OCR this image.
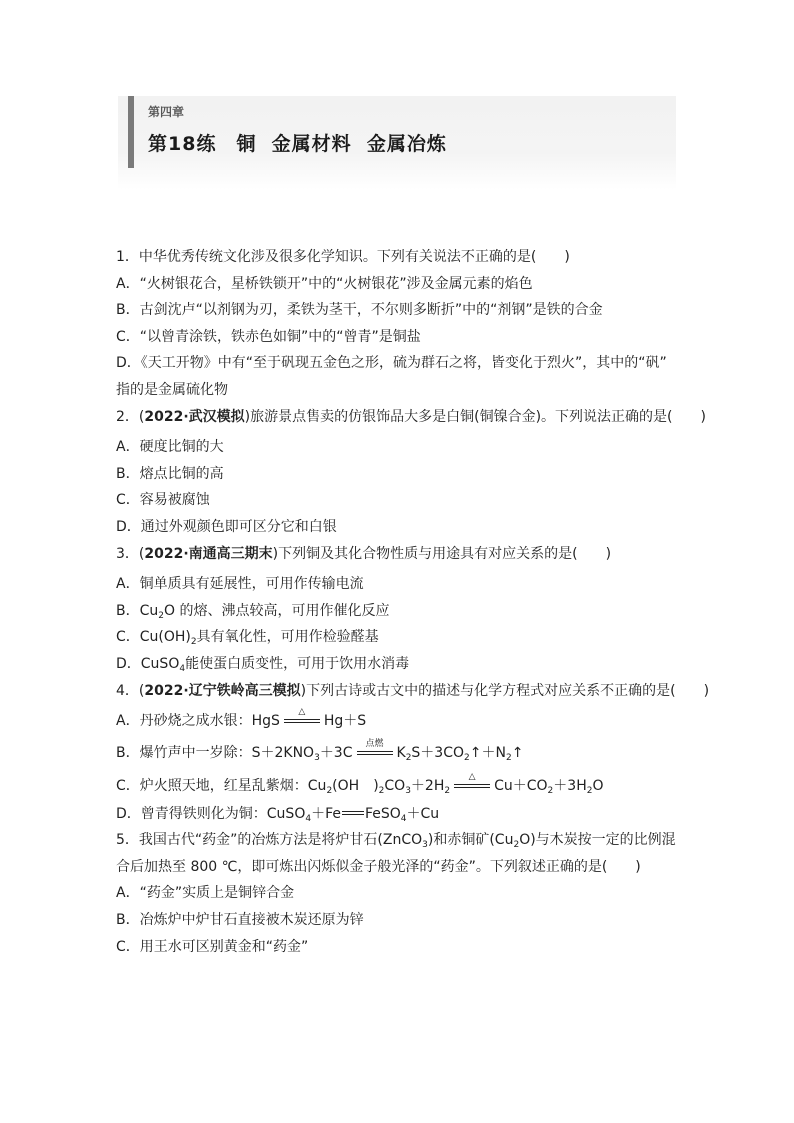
第四章
第18练　铜  金属材料  金属冶炼
1．中华优秀传统文化涉及很多化学知识。下列有关说法不正确的是(　　)
A．“火树银花合，星桥铁锁开”中的“火树银花”涉及金属元素的焰色
B．古剑沈卢“以剂钢为刃，柔铁为茎干，不尔则多断折”中的“剂钢”是铁的合金
C．“以曾青涂铁，铁赤色如铜”中的“曾青”是铜盐
D．《天工开物》中有“至于矾现五金色之形，硫为群石之将，皆变化于烈火”，其中的“矾”
指的是金属硫化物
2．(2022·武汉模拟)旅游景点售卖的仿银饰品大多是白铜(铜镍合金)。下列说法正确的是(　　)
A．硬度比铜的大
B．熔点比铜的高
C．容易被腐蚀
D．通过外观颜色即可区分它和白银
3．(2022·南通高三期末)下列铜及其化合物性质与用途具有对应关系的是(　　)
A．铜单质具有延展性，可用作传输电流
B．$Cu_2O$ 的熔、沸点较高，可用作催化反应
C．$Cu(OH)_2$具有氧化性，可用作检验醛基
D．CuSO$_4$能使蛋白质变性，可用于饮用水消毒
4．(2022·辽宁铁岭高三模拟)下列古诗或古文中的描述与化学方程式对应关系不正确的是(　　)
A．丹砂烧之成水银：HgS
△
Hg＋S
B．爆竹声中一岁除：$S+2KNO_3+3C$
点燃
$K_2S+3CO_2↑+N_2↑$
C．炉火照天地，红星乱紫烟：$Cu_2(OH$ )$_2CO_3+2H_2$
△
$Cu+CO_2+3H_2O$
D．曾青得铁则化为铜：CuSO$_4$＋Fe FeSO$_4$＋Cu
5．我国古代“药金”的冶炼方法是将炉甘石(ZnCO$_3$)和赤铜矿$(Cu_2O)$与木炭按一定的比例混
合后加热至 800 ℃，即可炼出闪烁似金子般光泽的“药金”。下列叙述正确的是(　　)
A．“药金”实质上是铜锌合金
B．冶炼炉中炉甘石直接被木炭还原为锌
C．用王水可区别黄金和“药金”
